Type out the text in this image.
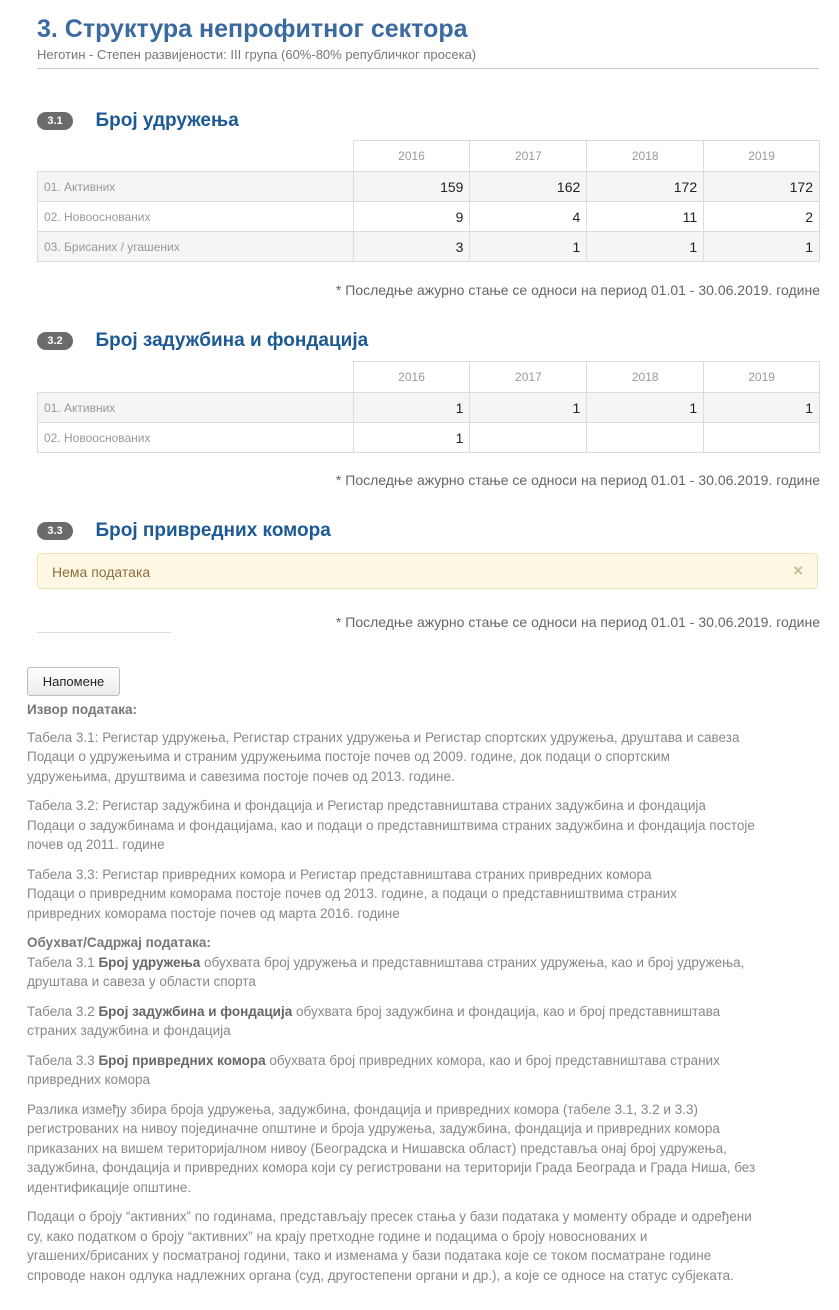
3. Структура непрофитног сектора
Неготин - Степен развијености: III група (60%-80% републичког просека)
3.1 Број удружења
	2016	2017	2018	2019
01. Активних	159	162	172	172
02. Новооснованих	9	4	11	2
03. Брисаних / угашених	3	1	1	1
* Последње ажурно стање се односи на период 01.01 - 30.06.2019. године
3.2 Број задужбина и фондација
	2016	2017	2018	2019
01. Активних	1	1	1	1
02. Новооснованих	1			
* Последње ажурно стање се односи на период 01.01 - 30.06.2019. године
3.3 Број привредних комора
Нема података	×
* Последње ажурно стање се односи на период 01.01 - 30.06.2019. године
Напомене
Извор података:

Табела 3.1: Регистар удружења, Регистар страних удружења и Регистар спортских удружења, друштава и савеза
Подаци о удружењима и страним удружењима постоје почев од 2009. године, док подаци о спортским
удружењима, друштвима и савезима постоје почев од 2013. године.

Табела 3.2: Регистар задужбина и фондација и Регистар представништава страних задужбина и фондација
Подаци о задужбинама и фондацијама, као и подаци о представништвима страних задужбина и фондација постоје
почев од 2011. године

Табела 3.3: Регистар привредних комора и Регистар представништава страних привредних комора
Подаци о привредним коморама постоје почев од 2013. године, а подаци о представништвима страних
привредних коморама постоје почев од марта 2016. године

Обухват/Садржај података:

Табела 3.1 Број удружења обухвата број удружења и представништава страних удружења, као и број удружења,
друштава и савеза у области спорта

Табела 3.2 Број задужбина и фондација обухвата број задужбина и фондација, као и број представништава
страних задужбина и фондација

Табела 3.3 Број привредних комора обухвата број привредних комора, као и број представништава страних
привредних комора

Разлика између збира броја удружења, задужбина, фондација и привредних комора (табеле 3.1, 3.2 и 3.3)
регистрованих на нивоу појединачне општине и броја удружења, задужбина, фондација и привредних комора
приказаних на вишем територијалном нивоу (Београдска и Нишавска област) представља онај број удружења,
задужбина, фондација и привредних комора који су регистровани на територији Града Београда и Града Ниша, без
идентификације општине.

Подаци о броју “активних” по годинама, представљају пресек стања у бази података у моменту обраде и одређени
су, како податком о броју “активних” на крају претходне године и подацима о броју новоснованих и
угашених/брисаних у посматраној години, тако и изменама у бази података које се током посматране године
спроводе након одлука надлежних органа (суд, другостепени органи и др.), а које се односе на статус субјеката.
